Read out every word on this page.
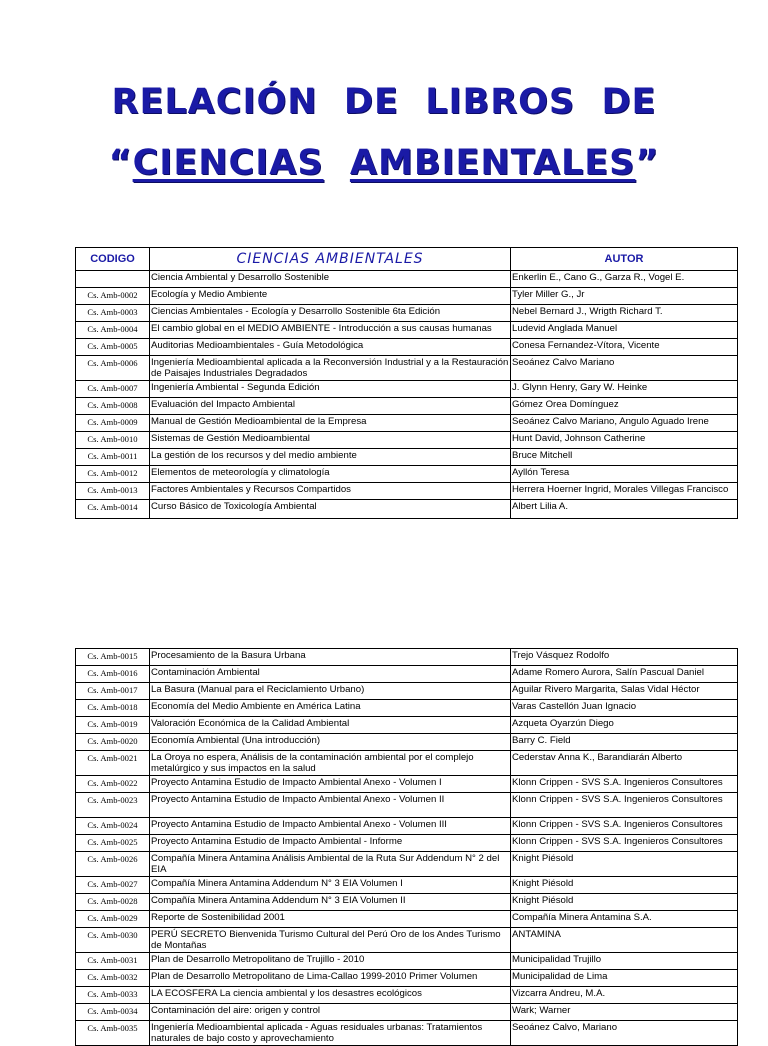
RELACIÓN  DE  LIBROS  DE
“CIENCIAS AMBIENTALES”
CODIGO	CIENCIAS AMBIENTALES	AUTOR
	Ciencia Ambiental y Desarrollo Sostenible	Enkerlin E., Cano G., Garza R., Vogel E.
Cs. Amb-0002	Ecología y Medio Ambiente	Tyler Miller G., Jr
Cs. Amb-0003	Ciencias Ambientales - Ecología y Desarrollo Sostenible 6ta Edición	Nebel Bernard J., Wrigth Richard T.
Cs. Amb-0004	El cambio global en el MEDIO AMBIENTE - Introducción a sus causas humanas	Ludevid Anglada Manuel
Cs. Amb-0005	Auditorias Medioambientales - Guía Metodológica	Conesa Fernandez-Vítora, Vicente
Cs. Amb-0006	Ingeniería Medioambiental aplicada a la Reconversión Industrial y a la Restauración de Paisajes Industriales Degradados	Seoánez Calvo Mariano
Cs. Amb-0007	Ingeniería Ambiental - Segunda Edición	J. Glynn Henry, Gary W. Heinke
Cs. Amb-0008	Evaluación del Impacto Ambiental	Gómez Orea Domínguez
Cs. Amb-0009	Manual de Gestión Medioambiental de la Empresa	Seoánez Calvo Mariano, Angulo Aguado Irene
Cs. Amb-0010	Sistemas de Gestión Medioambiental	Hunt David, Johnson Catherine
Cs. Amb-0011	La gestión de los recursos y del medio ambiente	Bruce Mitchell
Cs. Amb-0012	Elementos de meteorología y climatología	Ayllón Teresa
Cs. Amb-0013	Factores Ambientales y Recursos Compartidos	Herrera Hoerner Ingrid, Morales Villegas Francisco
Cs. Amb-0014	Curso Básico de Toxicología Ambiental	Albert Lilia A.
Cs. Amb-0015	Procesamiento de la Basura Urbana	Trejo Vásquez Rodolfo
Cs. Amb-0016	Contaminación Ambiental	Adame Romero Aurora, Salín Pascual Daniel
Cs. Amb-0017	La Basura (Manual para el Reciclamiento Urbano)	Aguilar Rivero Margarita, Salas Vidal Héctor
Cs. Amb-0018	Economía del Medio Ambiente en América Latina	Varas Castellón Juan Ignacio
Cs. Amb-0019	Valoración Económica de la Calidad Ambiental	Azqueta Oyarzún Diego
Cs. Amb-0020	Economía Ambiental (Una introducción)	Barry C. Field
Cs. Amb-0021	La Oroya no espera, Análisis de la contaminación ambiental por el complejo metalúrgico y sus impactos en la salud	Cederstav Anna K., Barandiarán Alberto
Cs. Amb-0022	Proyecto Antamina Estudio de Impacto Ambiental Anexo - Volumen I	Klonn Crippen - SVS S.A. Ingenieros Consultores
Cs. Amb-0023	Proyecto Antamina Estudio de Impacto Ambiental Anexo - Volumen II	Klonn Crippen - SVS S.A. Ingenieros Consultores
Cs. Amb-0024	Proyecto Antamina Estudio de Impacto Ambiental Anexo - Volumen III	Klonn Crippen - SVS S.A. Ingenieros Consultores
Cs. Amb-0025	Proyecto Antamina Estudio de Impacto Ambiental - Informe	Klonn Crippen - SVS S.A. Ingenieros Consultores
Cs. Amb-0026	Compañía Minera Antamina Análisis Ambiental de la Ruta Sur Addendum N° 2 del EIA	Knight Piésold
Cs. Amb-0027	Compañía Minera Antamina Addendum N° 3 EIA Volumen I	Knight Piésold
Cs. Amb-0028	Compañía Minera Antamina Addendum N° 3 EIA Volumen II	Knight Piésold
Cs. Amb-0029	Reporte de Sostenibilidad 2001	Compañía Minera Antamina S.A.
Cs. Amb-0030	PERÚ SECRETO Bienvenida Turismo Cultural del Perú Oro de los Andes Turismo de Montañas	ANTAMINA
Cs. Amb-0031	Plan de Desarrollo Metropolitano de Trujillo - 2010	Municipalidad Trujillo
Cs. Amb-0032	Plan de Desarrollo Metropolitano de Lima-Callao 1999-2010 Primer Volumen	Municipalidad de Lima
Cs. Amb-0033	LA ECOSFERA La ciencia ambiental y los desastres ecológicos	Vizcarra Andreu, M.A.
Cs. Amb-0034	Contaminación del aire: origen y control	Wark; Warner
Cs. Amb-0035	Ingeniería Medioambiental aplicada - Aguas residuales urbanas: Tratamientos naturales de bajo costo y aprovechamiento	Seoánez Calvo, Mariano
